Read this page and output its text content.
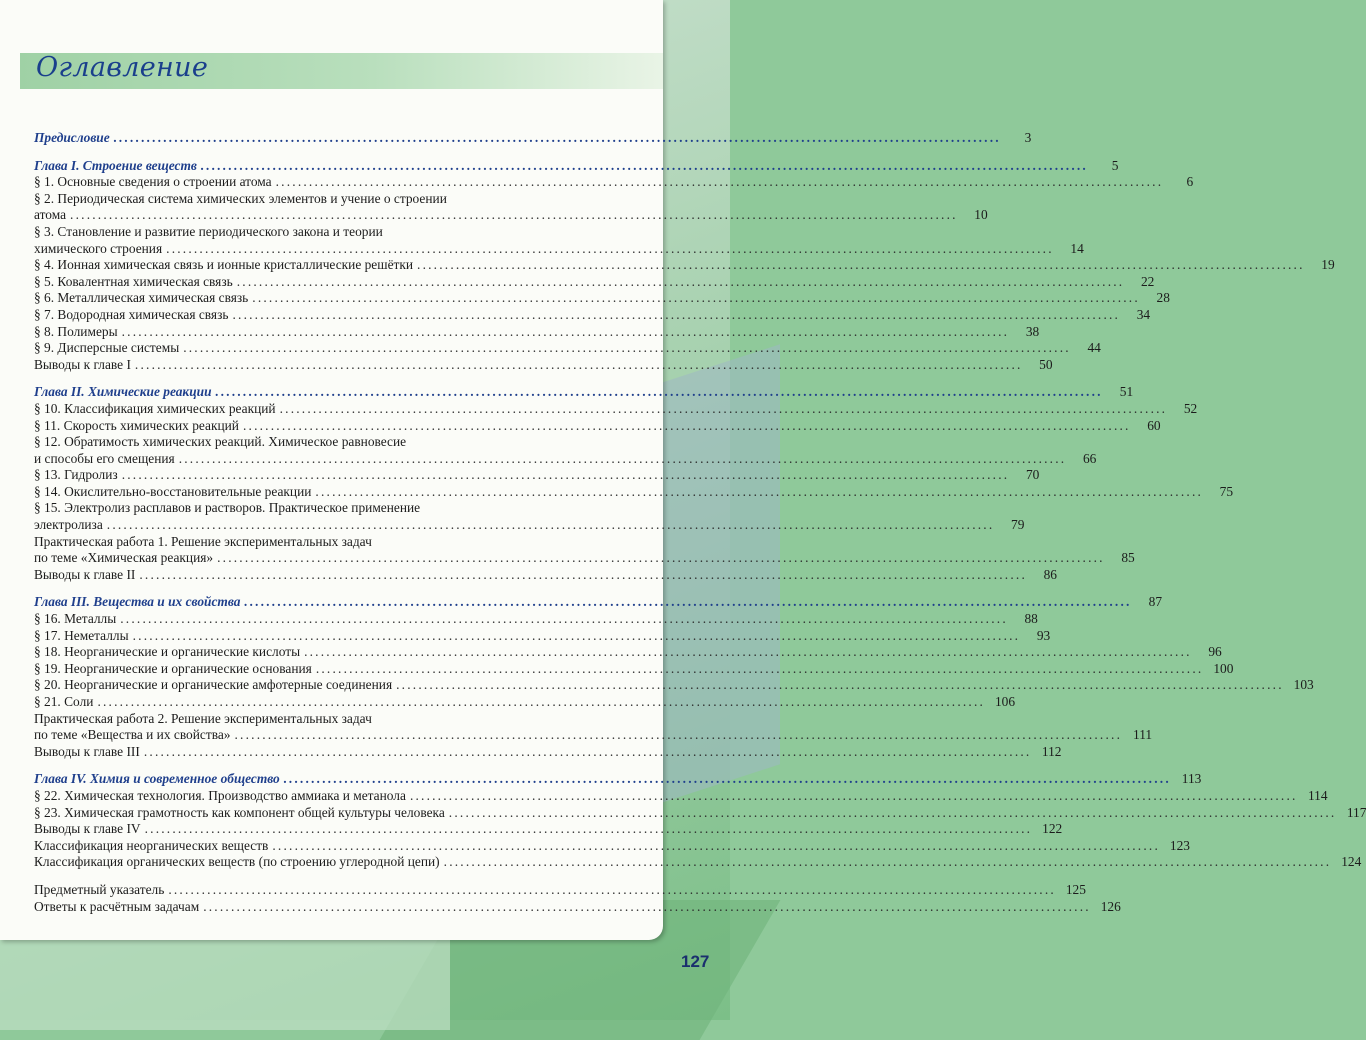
Оглавление
Предисловие ................................................................................................................................................................	3
Глава I. Строение веществ ................................................................................................................................................................	5
§ 1. Основные сведения о строении атома ................................................................................................................................................................	6
§ 2. Периодическая система химических элементов и учение о строении
атома ................................................................................................................................................................	10
§ 3. Становление и развитие периодического закона и теории
химического строения ................................................................................................................................................................	14
§ 4. Ионная химическая связь и ионные кристаллические решётки ................................................................................................................................................................	19
§ 5. Ковалентная химическая связь ................................................................................................................................................................	22
§ 6. Металлическая химическая связь ................................................................................................................................................................	28
§ 7. Водородная химическая связь ................................................................................................................................................................	34
§ 8. Полимеры ................................................................................................................................................................	38
§ 9. Дисперсные системы ................................................................................................................................................................	44
Выводы к главе I ................................................................................................................................................................	50
Глава II. Химические реакции ................................................................................................................................................................	51
§ 10. Классификация химических реакций ................................................................................................................................................................	52
§ 11. Скорость химических реакций ................................................................................................................................................................	60
§ 12. Обратимость химических реакций. Химическое равновесие
и способы его смещения ................................................................................................................................................................	66
§ 13. Гидролиз ................................................................................................................................................................	70
§ 14. Окислительно-восстановительные реакции ................................................................................................................................................................	75
§ 15. Электролиз расплавов и растворов. Практическое применение
электролиза ................................................................................................................................................................	79
Практическая работа 1. Решение экспериментальных задач
по теме «Химическая реакция» ................................................................................................................................................................	85
Выводы к главе II ................................................................................................................................................................	86
Глава III. Вещества и их свойства ................................................................................................................................................................	87
§ 16. Металлы ................................................................................................................................................................	88
§ 17. Неметаллы ................................................................................................................................................................	93
§ 18. Неорганические и органические кислоты ................................................................................................................................................................	96
§ 19. Неорганические и органические основания ................................................................................................................................................................ 100
§ 20. Неорганические и органические амфотерные соединения ................................................................................................................................................................ 103
§ 21. Соли ................................................................................................................................................................ 106
Практическая работа 2. Решение экспериментальных задач
по теме «Вещества и их свойства» ................................................................................................................................................................ 111
Выводы к главе III ................................................................................................................................................................ 112
Глава IV. Химия и современное общество ................................................................................................................................................................ 113
§ 22. Химическая технология. Производство аммиака и метанола ................................................................................................................................................................ 114
§ 23. Химическая грамотность как компонент общей культуры человека ................................................................................................................................................................ 117
Выводы к главе IV ................................................................................................................................................................ 122
Классификация неорганических веществ ................................................................................................................................................................ 123
Классификация органических веществ (по строению углеродной цепи) ................................................................................................................................................................ 124
Предметный указатель ................................................................................................................................................................ 125
Ответы к расчётным задачам ................................................................................................................................................................ 126

127
